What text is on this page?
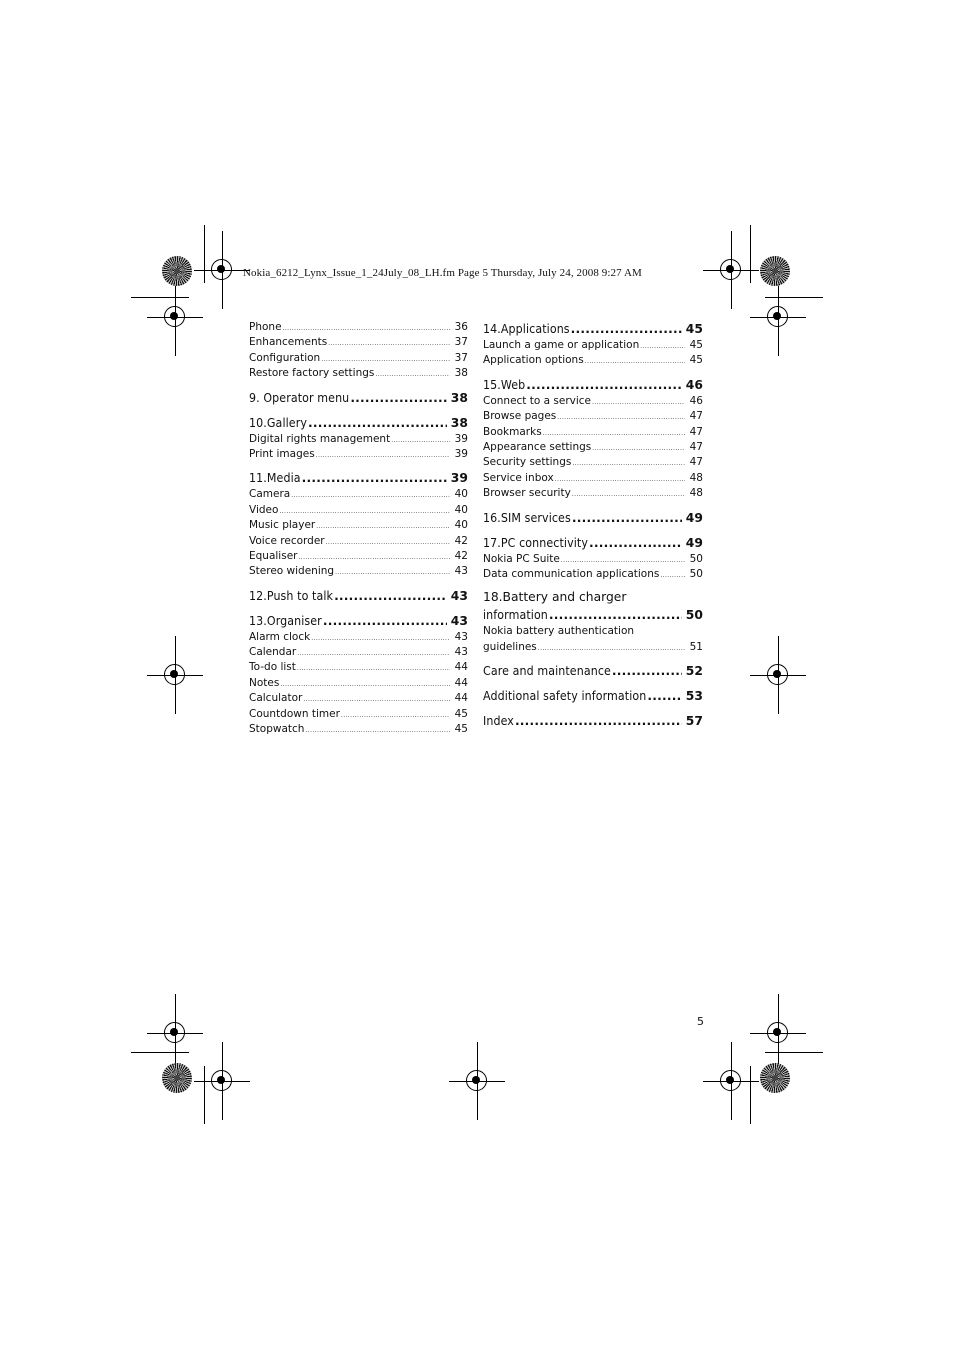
Nokia_6212_Lynx_Issue_1_24July_08_LH.fm Page 5 Thursday, July 24, 2008 9:27 AM
Phone .....	36
Enhancements .....	37
Configuration .....	37
Restore factory settings .....	38
9. Operator menu .....	38
10.Gallery .....	38
Digital rights management .....	39
Print images .....	39
11.Media .....	39
Camera .....	40
Video .....	40
Music player .....	40
Voice recorder .....	42
Equaliser .....	42
Stereo widening .....	43
12.Push to talk .....	43
13.Organiser .....	43
Alarm clock .....	43
Calendar .....	43
To-do list .....	44
Notes .....	44
Calculator .....	44
Countdown timer .....	45
Stopwatch .....	45
14.Applications .....	45
Launch a game or application .....	45
Application options .....	45
15.Web .....	46
Connect to a service .....	46
Browse pages .....	47
Bookmarks .....	47
Appearance settings .....	47
Security settings .....	47
Service inbox .....	48
Browser security .....	48
16.SIM services .....	49
17.PC connectivity .....	49
Nokia PC Suite .....	50
Data communication applications .....	50
18.Battery and charger
information .....	50
Nokia battery authentication
guidelines .....	51
Care and maintenance .....	52
Additional safety information .....	53
Index .....	57
5
